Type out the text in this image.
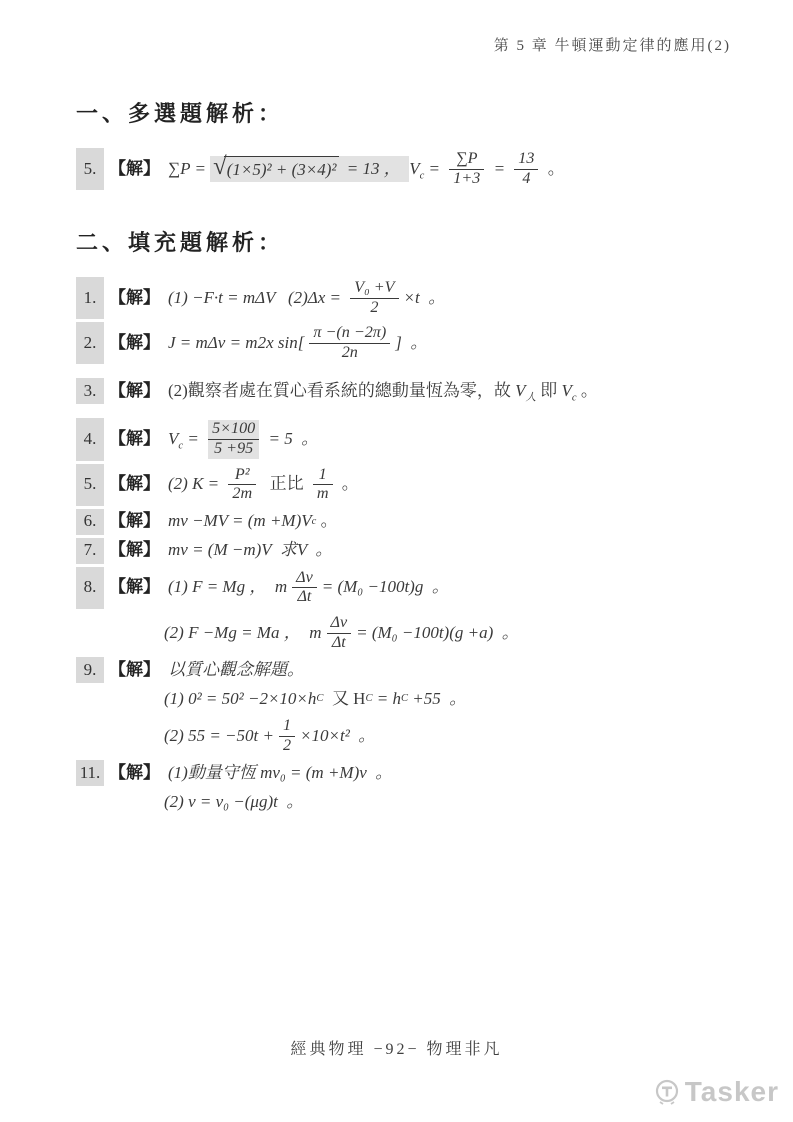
第 5 章 牛頓運動定律的應用(2)
一、多選題解析：
5. 【解】 ∑P = √ (1×5)² + (3×4)² = 13 ， $V_c = \frac{\sum P}{1+3} = \frac{13}{4}$ 。
二、填充題解析：
1. 【解】 (1) −F·t = mΔV   $(2)\Delta x = \frac{\text{V₀ +V}}{2} \times t$  。
2. 【解】 J = mΔv = m2x $\sin[ \frac{\pi -(n -2\pi)}{2n}$ ]  。
3. 【解】 (2)觀察者處在質心看系統的總動量恆為零，故 $V_人$ 即 $V_c$ 。
4. 【解】 $V_c = \frac{5\times 100}{5 +95} = 5$  。
5. 【解】 (2) $K = \frac{\text{P²}}{2m}$ 正比 $\frac{1}{m}$ 。
6. 【解】 mv −MV = (m +M)V c 。
7. 【解】 mv = (M −m)V  求V  。
8. 【解】 (1) F = Mg ，  m $\frac{\Delta v}{\Delta t} = (M_0 -100t)g$  。
(2) F −Mg = Ma ，  m $\frac{\Delta v}{\Delta t} = (M_0 -100t)(g +a)$  。
9. 【解】 以質心觀念解題。
(1) 0² = 50² −2×10×h C 又 H C = h C +55  。
(2) $55 = -50t + \frac{1}{2} \times 10\times t^2$  。
11. 【解】 (1)動量守恆 mv₀ = (m +M)v  。
(2) v = v₀ −(μg)t  。
經典物理 −92− 物理非凡
Tasker
